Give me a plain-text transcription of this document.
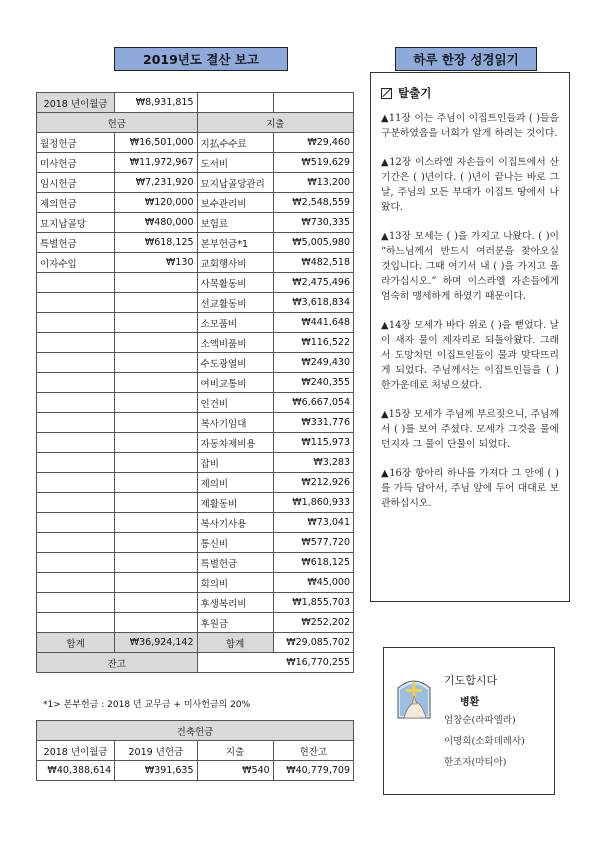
2019년도 결산 보고	하루 한장 성경읽기
2018 년이월금	₩8,931,815		
헌금		지출	
월정헌금	₩16,501,000	지払수수료	₩29,460
미사헌금	₩11,972,967	도서비	₩519,629
임시헌금	₩7,231,920	묘지납골당관리	₩13,200
제의헌금	₩120,000	보수관리비	₩2,548,559
묘지납골당	₩480,000	보험료	₩730,335
특별헌금	₩618,125	본부헌금*1	₩5,005,980
이자수입	₩130	교회행사비	₩482,518
		사목활동비	₩2,475,496
		선교활동비	₩3,618,834
		소모품비	₩441,648
		소액비품비	₩116,522
		수도광열비	₩249,430
		여비교통비	₩240,355
		인건비	₩6,667,054
		복사기임대	₩331,776
		자동차제비용	₩115,973
		잡비	₩3,283
		제의비	₩212,926
		제활동비	₩1,860,933
		복사기사용	₩73,041
		통신비	₩577,720
		특별헌금	₩618,125
		회의비	₩45,000
		후생복리비	₩1,855,703
		후원금	₩252,202
합계	₩36,924,142	합계	₩29,085,702
잔고		₩16,770,255	
*1> 본부헌금 : 2018 년 교무금 + 미사헌금의 20%
건축헌금			
2018 년이월금	2019 년헌금	지출	현잔고
₩40,388,614	₩391,635	₩540	₩40,779,709
탈출기

▲11장 이는 주님이 이집트인들과 ( )들을 구분하였음을 너희가 알게 하려는 것이다.

▲12장 이스라엘 자손들이 이집트에서 산 기간은 ( )년이다. ( )년이 끝나는 바로 그날, 주님의 모든 부대가 이집트 땅에서 나왔다.

▲13장 모세는 ( )을 가지고 나왔다. ( )이 “하느님께서 반드시 여러분을 찾아오실 것입니다. 그때 여기서 내 ( )을 가지고 올라가십시오.” 하며 이스라엘 자손들에게 엄숙히 맹세하게 하였기 때문이다.

▲14장 모세가 바다 위로 ( )을 뻗었다. 날이 새자 물이 제자리로 되돌아왔다. 그래서 도망치던 이집트인들이 물과 맞닥뜨리게 되었다. 주님께서는 이집트인들을 ( ) 한가운데로 처넣으셨다.

▲15장 모세가 주님께 부르짖으니, 주님께서 ( )를 보여 주셨다. 모세가 그것을 물에 던지자 그 물이 단물이 되었다.

▲16장 항아리 하나를 가져다 그 안에 ( )를 가득 담아서, 주님 앞에 두어 대대로 보관하십시오.

기도합시다
병환
엄창순(라파엘라)
이명희(소화데레사)
한조자(마티아)
